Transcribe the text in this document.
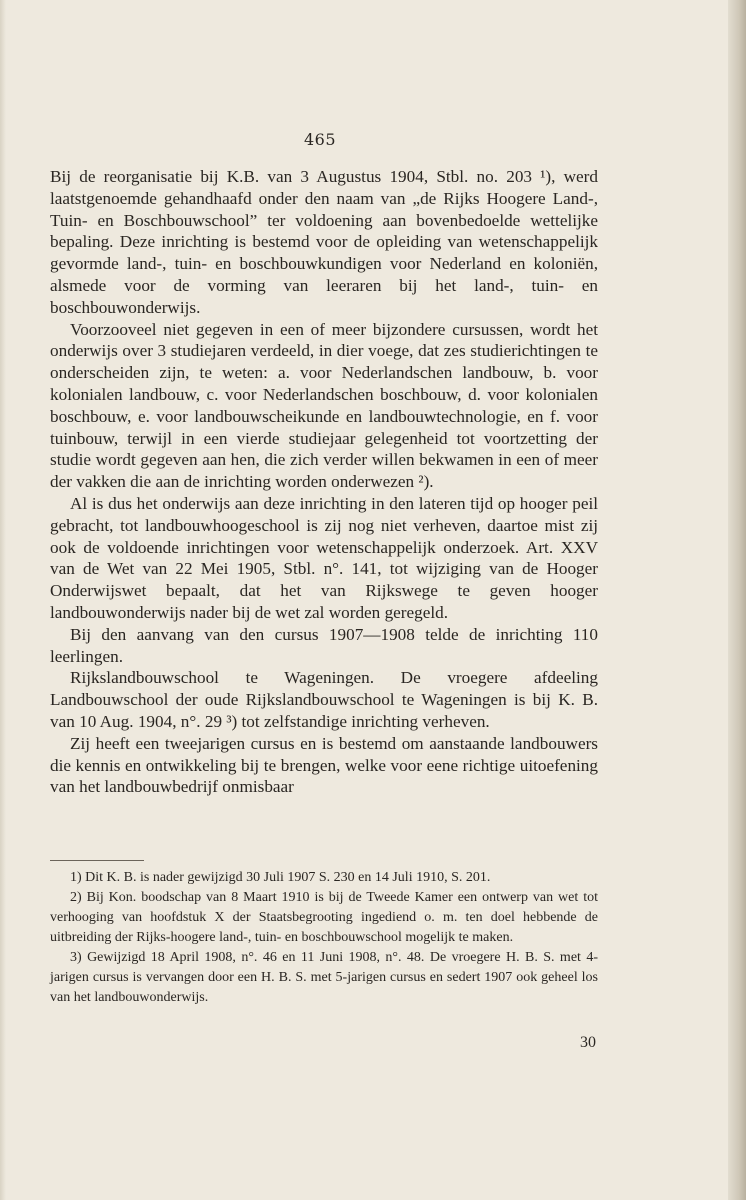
465

Bij de reorganisatie bij K.B. van 3 Augustus 1904, Stbl. no. 203 ¹), werd laatstgenoemde gehandhaafd onder den naam van „de Rijks Hoogere Land-, Tuin- en Boschbouwschool” ter voldoening aan bovenbedoelde wettelijke bepaling. Deze inrichting is bestemd voor de opleiding van wetenschappelijk gevormde land-, tuin- en boschbouwkundigen voor Nederland en koloniën, alsmede voor de vorming van leeraren bij het land-, tuin- en boschbouwonderwijs.

Voorzooveel niet gegeven in een of meer bijzondere cursussen, wordt het onderwijs over 3 studiejaren verdeeld, in dier voege, dat zes studierichtingen te onderscheiden zijn, te weten: a. voor Nederlandschen landbouw, b. voor kolonialen landbouw, c. voor Nederlandschen boschbouw, d. voor kolonialen boschbouw, e. voor landbouwscheikunde en landbouwtechnologie, en f. voor tuinbouw, terwijl in een vierde studiejaar gelegenheid tot voortzetting der studie wordt gegeven aan hen, die zich verder willen bekwamen in een of meer der vakken die aan de inrichting worden onderwezen ²).

Al is dus het onderwijs aan deze inrichting in den lateren tijd op hooger peil gebracht, tot landbouwhoogeschool is zij nog niet verheven, daartoe mist zij ook de voldoende inrichtingen voor wetenschappelijk onderzoek. Art. XXV van de Wet van 22 Mei 1905, Stbl. n°. 141, tot wijziging van de Hooger Onderwijswet bepaalt, dat het van Rijkswege te geven hooger landbouwonderwijs nader bij de wet zal worden geregeld.

Bij den aanvang van den cursus 1907—1908 telde de inrichting 110 leerlingen.

Rijkslandbouwschool te Wageningen. De vroegere afdeeling Landbouwschool der oude Rijkslandbouwschool te Wageningen is bij K. B. van 10 Aug. 1904, n°. 29 ³) tot zelfstandige inrichting verheven.

Zij heeft een tweejarigen cursus en is bestemd om aanstaande landbouwers die kennis en ontwikkeling bij te brengen, welke voor eene richtige uitoefening van het landbouwbedrijf onmisbaar

1) Dit K. B. is nader gewijzigd 30 Juli 1907 S. 230 en 14 Juli 1910, S. 201.

2) Bij Kon. boodschap van 8 Maart 1910 is bij de Tweede Kamer een ontwerp van wet tot verhooging van hoofdstuk X der Staatsbegrooting ingediend o. m. ten doel hebbende de uitbreiding der Rijks-hoogere land-, tuin- en boschbouwschool mogelijk te maken.

3) Gewijzigd 18 April 1908, n°. 46 en 11 Juni 1908, n°. 48. De vroegere H. B. S. met 4-jarigen cursus is vervangen door een H. B. S. met 5-jarigen cursus en sedert 1907 ook geheel los van het landbouwonderwijs.

30
